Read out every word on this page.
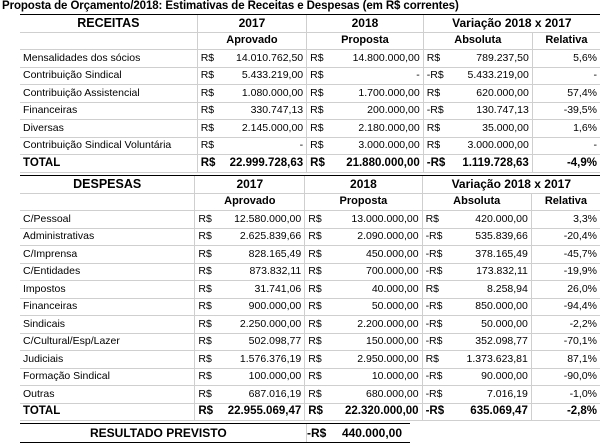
Proposta de Orçamento/2018: Estimativas de Receitas e Despesas (em R$ correntes)
RECEITAS	2017		2018		Variação 2018 x 2017		
	Aprovado		Proposta		Absoluta		Relativa
Mensalidades dos sócios	R$	14.010.762,50	R$	14.800.000,00	R$	789.237,50	5,6%
Contribuição Sindical	R$	5.433.219,00	R$	-	-R$	5.433.219,00	-
Contribuição Assistencial	R$	1.080.000,00	R$	1.700.000,00	R$	620.000,00	57,4%
Financeiras	R$	330.747,13	R$	200.000,00	-R$	130.747,13	-39,5%
Diversas	R$	2.145.000,00	R$	2.180.000,00	R$	35.000,00	1,6%
Contribuição Sindical Voluntária	R$	-	R$	3.000.000,00	R$	3.000.000,00	-
TOTAL	R$	22.999.728,63	R$	21.880.000,00	-R$	1.119.728,63	-4,9%
DESPESAS	2017		2018		Variação 2018 x 2017		
	Aprovado		Proposta		Absoluta		Relativa
C/Pessoal	R$	12.580.000,00	R$	13.000.000,00	R$	420.000,00	3,3%
Administrativas	R$	2.625.839,66	R$	2.090.000,00	-R$	535.839,66	-20,4%
C/Imprensa	R$	828.165,49	R$	450.000,00	-R$	378.165,49	-45,7%
C/Entidades	R$	873.832,11	R$	700.000,00	-R$	173.832,11	-19,9%
Impostos	R$	31.741,06	R$	40.000,00	R$	8.258,94	26,0%
Financeiras	R$	900.000,00	R$	50.000,00	-R$	850.000,00	-94,4%
Sindicais	R$	2.250.000,00	R$	2.200.000,00	-R$	50.000,00	-2,2%
C/Cultural/Esp/Lazer	R$	502.098,77	R$	150.000,00	-R$	352.098,77	-70,1%
Judiciais	R$	1.576.376,19	R$	2.950.000,00	R$	1.373.623,81	87,1%
Formação Sindical	R$	100.000,00	R$	10.000,00	-R$	90.000,00	-90,0%
Outras	R$	687.016,19	R$	680.000,00	-R$	7.016,19	-1,0%
TOTAL	R$	22.955.069,47	R$	22.320.000,00	-R$	635.069,47	-2,8%
RESULTADO PREVISTO	-R$ 440.000,00
